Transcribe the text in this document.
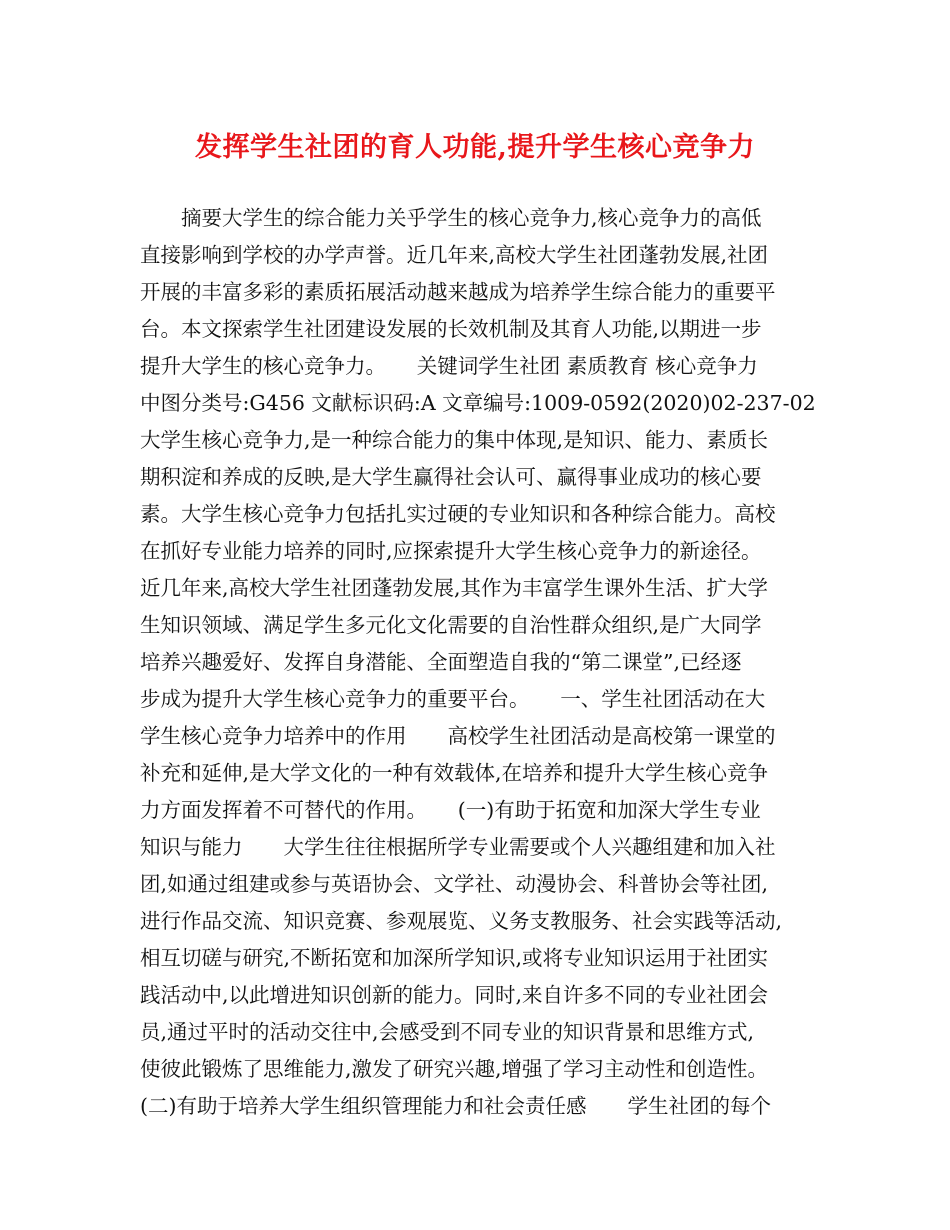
发挥学生社团的育人功能,提升学生核心竞争力
　　摘要大学生的综合能力关乎学生的核心竞争力,核心竞争力的高低
直接影响到学校的办学声誉。近几年来,高校大学生社团蓬勃发展,社团
开展的丰富多彩的素质拓展活动越来越成为培养学生综合能力的重要平
台。本文探索学生社团建设发展的长效机制及其育人功能,以期进一步
提升大学生的核心竞争力。　　关键词学生社团 素质教育 核心竞争力
中图分类号:G456 文献标识码:A 文章编号:1009-0592(2020)02-237-02
大学生核心竞争力,是一种综合能力的集中体现,是知识、能力、素质长
期积淀和养成的反映,是大学生赢得社会认可、赢得事业成功的核心要
素。大学生核心竞争力包括扎实过硬的专业知识和各种综合能力。高校
在抓好专业能力培养的同时,应探索提升大学生核心竞争力的新途径。
近几年来,高校大学生社团蓬勃发展,其作为丰富学生课外生活、扩大学
生知识领域、满足学生多元化文化需要的自治性群众组织,是广大同学
培养兴趣爱好、发挥自身潜能、全面塑造自我的“第二课堂”,已经逐
步成为提升大学生核心竞争力的重要平台。　　一、学生社团活动在大
学生核心竞争力培养中的作用　　高校学生社团活动是高校第一课堂的
补充和延伸,是大学文化的一种有效载体,在培养和提升大学生核心竞争
力方面发挥着不可替代的作用。　　(一)有助于拓宽和加深大学生专业
知识与能力　　大学生往往根据所学专业需要或个人兴趣组建和加入社
团,如通过组建或参与英语协会、文学社、动漫协会、科普协会等社团,
进行作品交流、知识竞赛、参观展览、义务支教服务、社会实践等活动,
相互切磋与研究,不断拓宽和加深所学知识,或将专业知识运用于社团实
践活动中,以此增进知识创新的能力。同时,来自许多不同的专业社团会
员,通过平时的活动交往中,会感受到不同专业的知识背景和思维方式,
使彼此锻炼了思维能力,激发了研究兴趣,增强了学习主动性和创造性。
(二)有助于培养大学生组织管理能力和社会责任感　　学生社团的每个
